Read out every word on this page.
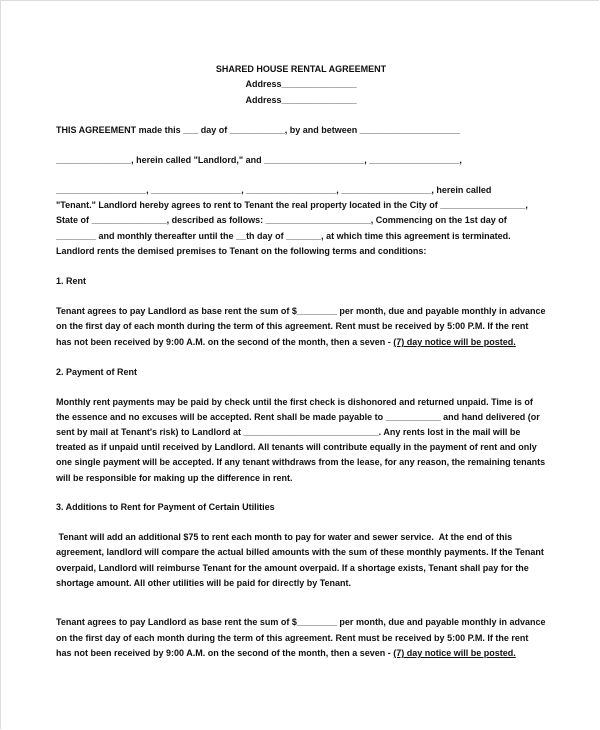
SHARED HOUSE RENTAL AGREEMENT
Address_______________
Address_______________
THIS AGREEMENT made this ___ day of ___________, by and between ____________________
_______________, herein called "Landlord," and ____________________, __________________,
__________________, __________________, __________________, __________________, herein called
"Tenant." Landlord hereby agrees to rent to Tenant the real property located in the City of _________________,
State of _______________, described as follows: _____________________, Commencing on the 1st day of
________ and monthly thereafter until the __th day of _______, at which time this agreement is terminated.
Landlord rents the demised premises to Tenant on the following terms and conditions:
1. Rent
Tenant agrees to pay Landlord as base rent the sum of $________ per month, due and payable monthly in advance
on the first day of each month during the term of this agreement. Rent must be received by 5:00 P.M. If the rent
has not been received by 9:00 A.M. on the second of the month, then a seven - (7) day notice will be posted.
2. Payment of Rent
Monthly rent payments may be paid by check until the first check is dishonored and returned unpaid. Time is of
the essence and no excuses will be accepted. Rent shall be made payable to ___________ and hand delivered (or
sent by mail at Tenant's risk) to Landlord at ___________________________. Any rents lost in the mail will be
treated as if unpaid until received by Landlord. All tenants will contribute equally in the payment of rent and only
one single payment will be accepted. If any tenant withdraws from the lease, for any reason, the remaining tenants
will be responsible for making up the difference in rent.
3. Additions to Rent for Payment of Certain Utilities
Tenant will add an additional $75 to rent each month to pay for water and sewer service.  At the end of this
agreement, landlord will compare the actual billed amounts with the sum of these monthly payments. If the Tenant
overpaid, Landlord will reimburse Tenant for the amount overpaid. If a shortage exists, Tenant shall pay for the
shortage amount. All other utilities will be paid for directly by Tenant.
Tenant agrees to pay Landlord as base rent the sum of $________ per month, due and payable monthly in advance
on the first day of each month during the term of this agreement. Rent must be received by 5:00 P.M. If the rent
has not been received by 9:00 A.M. on the second of the month, then a seven - (7) day notice will be posted.
